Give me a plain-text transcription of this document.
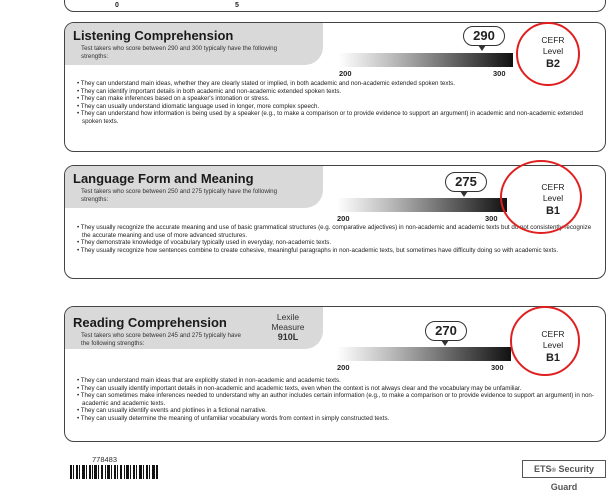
0	5
Listening Comprehension
Test takers who score between 290 and 300 typically have the following strengths:
290
200	300
CEFR
Level
B2
• They can understand main ideas, whether they are clearly stated or implied, in both academic and non-academic extended spoken texts.
• They can identify important details in both academic and non-academic extended spoken texts.
• They can make inferences based on a speaker's intonation or stress.
• They can usually understand idiomatic language used in longer, more complex speech.
• They can understand how information is being used by a speaker (e.g., to make a comparison or to provide evidence to support an argument) in academic and non-academic extended spoken texts.
Language Form and Meaning
Test takers who score between 250 and 275 typically have the following strengths:
275
200	300
CEFR
Level
B1
• They usually recognize the accurate meaning and use of basic grammatical structures (e.g. comparative adjectives) in non-academic and academic texts but do not consistently recognize the accurate meaning and use of more advanced structures.
• They demonstrate knowledge of vocabulary typically used in everyday, non-academic texts.
• They usually recognize how sentences combine to create cohesive, meaningful paragraphs in non-academic texts, but sometimes have difficulty doing so with academic texts.
Reading Comprehension
Test takers who score between 245 and 275 typically have the following strengths:
Lexile
Measure
910L	270
200	300
CEFR
Level
B1
• They can understand main ideas that are explicitly stated in non-academic and academic texts.
• They can usually identify important details in non-academic and academic texts, even when the context is not always clear and the vocabulary may be unfamiliar.
• They can sometimes make inferences needed to understand why an author includes certain information (e.g., to make a comparison or to provide evidence to support an argument) in non-academic and academic texts.
• They can usually identify events and plotlines in a fictional narrative.
• They can usually determine the meaning of unfamiliar vocabulary words from context in simply constructed texts.
778483
ETS® Security Guard
